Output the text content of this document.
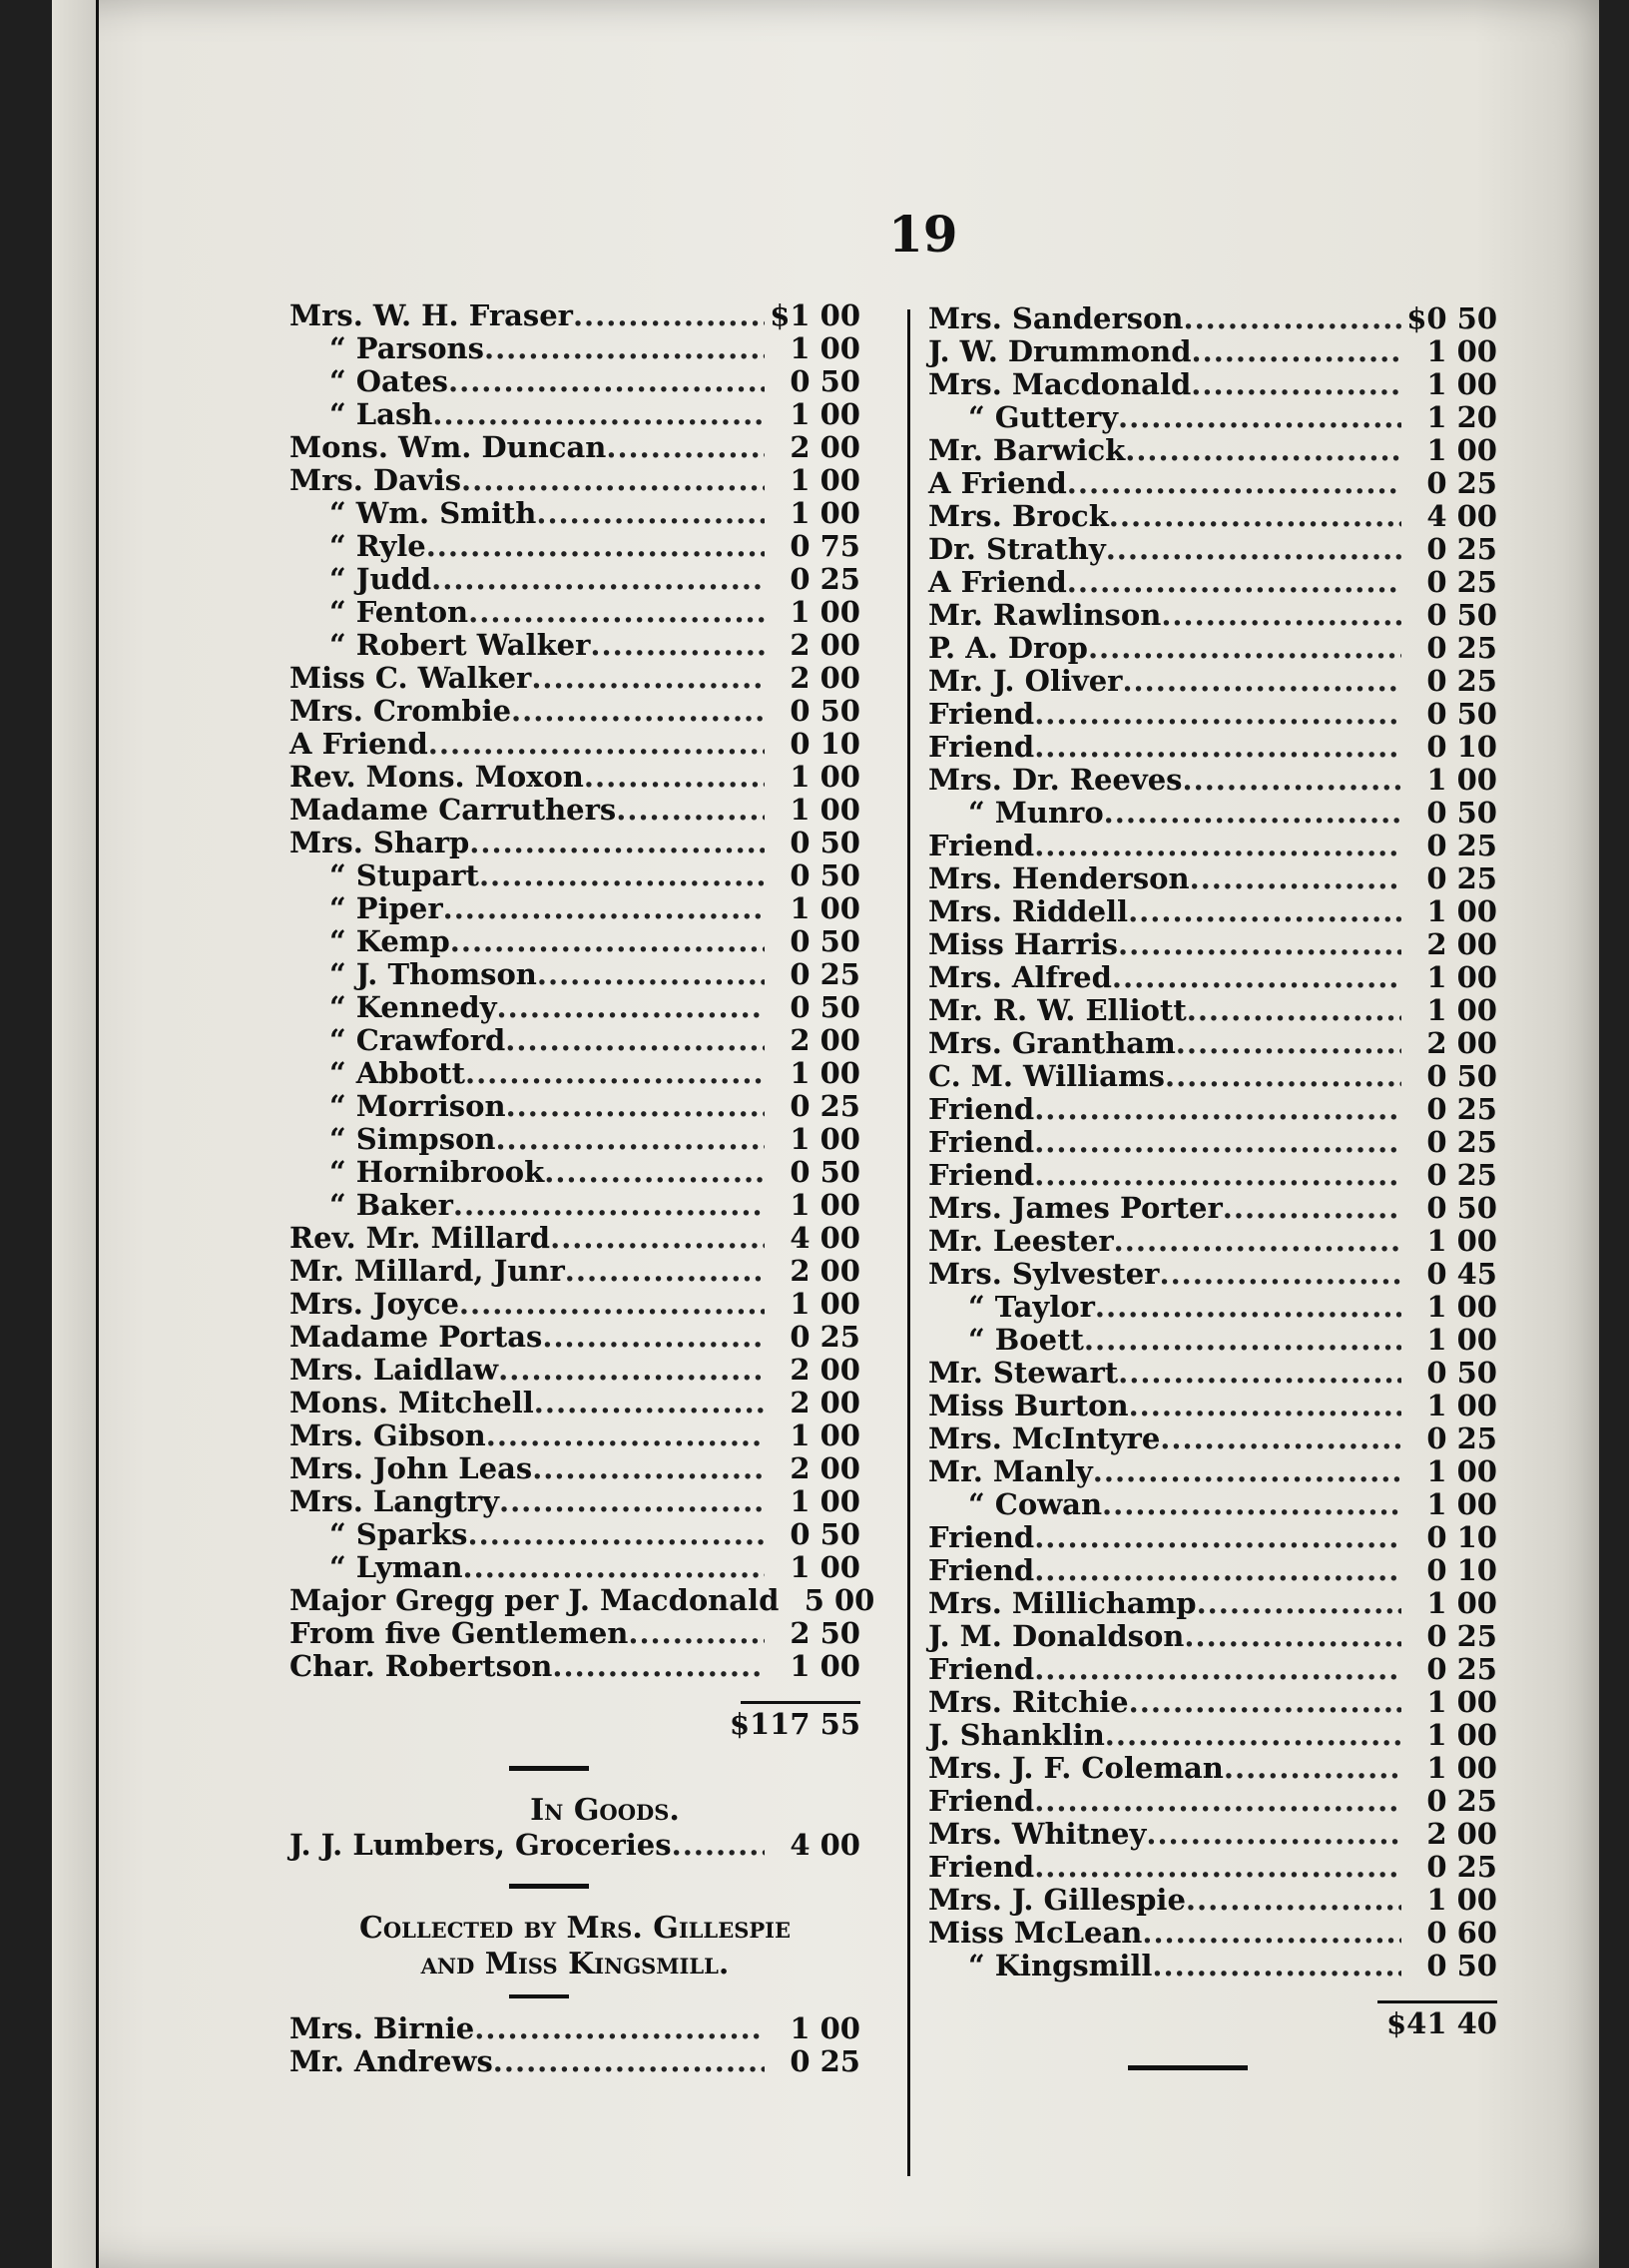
19
Mrs. W. H. Fraser .....	$1 00
“ Parsons .....	1 00
“ Oates .....	0 50
“ Lash .....	1 00
Mons. Wm. Duncan .....	2 00
Mrs. Davis .....	1 00
“ Wm. Smith .....	1 00
“ Ryle .....	0 75
“ Judd .....	0 25
“ Fenton .....	1 00
“ Robert Walker .....	2 00
Miss C. Walker .....	2 00
Mrs. Crombie .....	0 50
A Friend .....	0 10
Rev. Mons. Moxon .....	1 00
Madame Carruthers .....	1 00
Mrs. Sharp .....	0 50
“ Stupart .....	0 50
“ Piper .....	1 00
“ Kemp .....	0 50
“ J. Thomson .....	0 25
“ Kennedy .....	0 50
“ Crawford .....	2 00
“ Abbott .....	1 00
“ Morrison .....	0 25
“ Simpson .....	1 00
“ Hornibrook .....	0 50
“ Baker .....	1 00
Rev. Mr. Millard .....	4 00
Mr. Millard, Junr .....	2 00
Mrs. Joyce .....	1 00
Madame Portas .....	0 25
Mrs. Laidlaw .....	2 00
Mons. Mitchell .....	2 00
Mrs. Gibson .....	1 00
Mrs. John Leas .....	2 00
Mrs. Langtry .....	1 00
“ Sparks .....	0 50
“ Lyman .....	1 00
Major Gregg per J. Macdonald 5 00
From five Gentlemen .....	2 50
Char. Robertson .....	1 00
$117 55
In Goods.
J. J. Lumbers, Groceries .....	4 00
Collected by Mrs. Gillespie
and Miss Kingsmill.
Mrs. Birnie .....	1 00
Mr. Andrews .....	0 25
Mrs. Sanderson .....	$0 50
J. W. Drummond .....	1 00
Mrs. Macdonald .....	1 00
“ Guttery .....	1 20
Mr. Barwick .....	1 00
A Friend .....	0 25
Mrs. Brock .....	4 00
Dr. Strathy .....	0 25
A Friend .....	0 25
Mr. Rawlinson .....	0 50
P. A. Drop .....	0 25
Mr. J. Oliver .....	0 25
Friend .....	0 50
Friend .....	0 10
Mrs. Dr. Reeves .....	1 00
“ Munro .....	0 50
Friend .....	0 25
Mrs. Henderson .....	0 25
Mrs. Riddell .....	1 00
Miss Harris .....	2 00
Mrs. Alfred .....	1 00
Mr. R. W. Elliott .....	1 00
Mrs. Grantham .....	2 00
C. M. Williams .....	0 50
Friend .....	0 25
Friend .....	0 25
Friend .....	0 25
Mrs. James Porter .....	0 50
Mr. Leester .....	1 00
Mrs. Sylvester .....	0 45
“ Taylor .....	1 00
“ Boett .....	1 00
Mr. Stewart .....	0 50
Miss Burton .....	1 00
Mrs. McIntyre .....	0 25
Mr. Manly .....	1 00
“ Cowan .....	1 00
Friend .....	0 10
Friend .....	0 10
Mrs. Millichamp .....	1 00
J. M. Donaldson .....	0 25
Friend .....	0 25
Mrs. Ritchie .....	1 00
J. Shanklin .....	1 00
Mrs. J. F. Coleman .....	1 00
Friend .....	0 25
Mrs. Whitney .....	2 00
Friend .....	0 25
Mrs. J. Gillespie .....	1 00
Miss McLean .....	0 60
“ Kingsmill .....	0 50
$41 40
